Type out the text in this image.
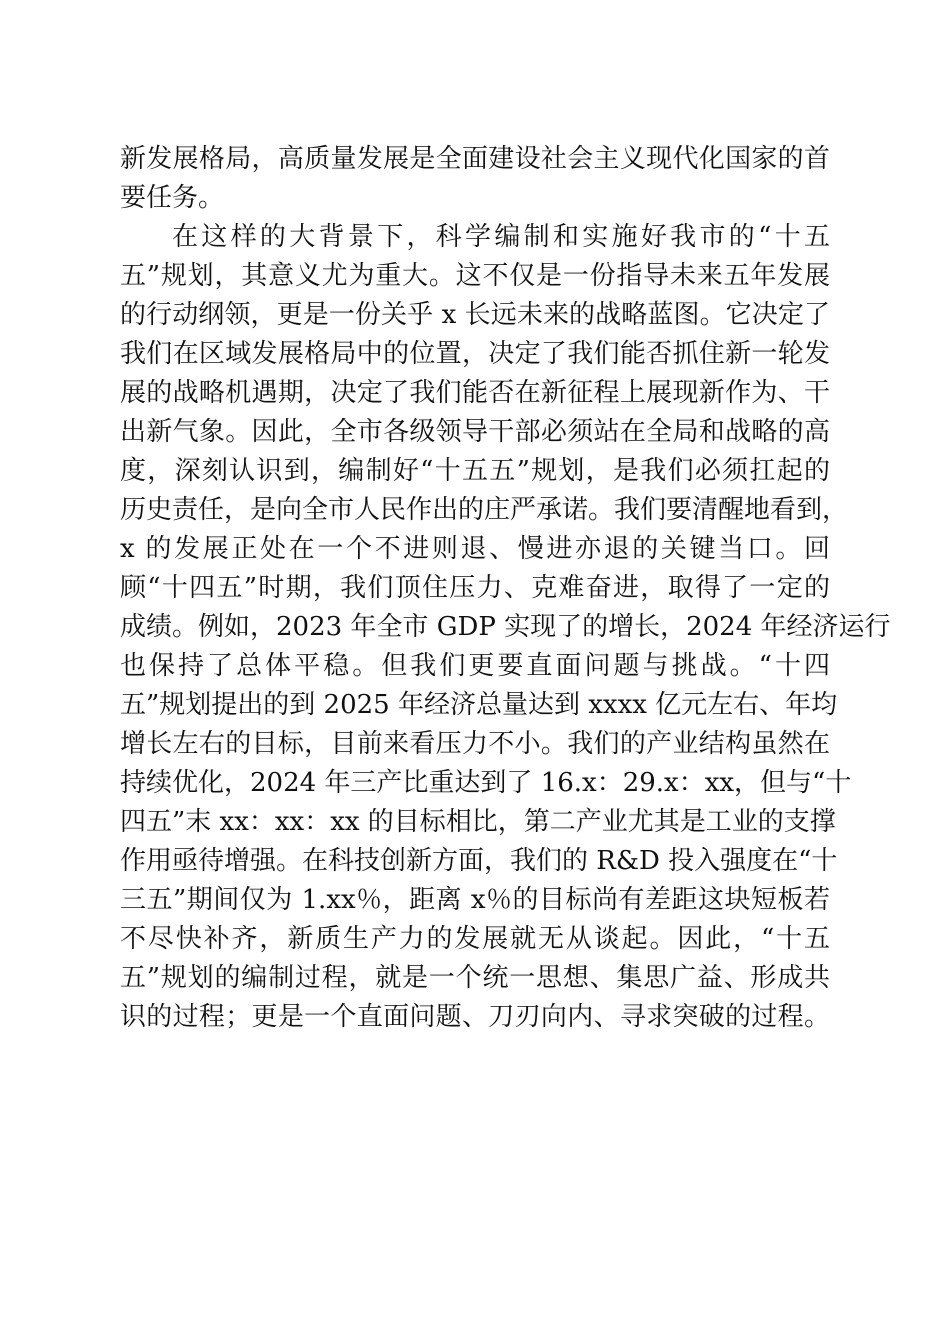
新发展格局，高质量发展是全面建设社会主义现代化国家的首
要任务。
在这样的大背景下，科学编制和实施好我市的“十五
五”规划，其意义尤为重大。这不仅是一份指导未来五年发展
的行动纲领，更是一份关乎 x 长远未来的战略蓝图。它决定了
我们在区域发展格局中的位置，决定了我们能否抓住新一轮发
展的战略机遇期，决定了我们能否在新征程上展现新作为、干
出新气象。因此，全市各级领导干部必须站在全局和战略的高
度，深刻认识到，编制好“十五五”规划，是我们必须扛起的
历史责任，是向全市人民作出的庄严承诺。我们要清醒地看到，
x 的发展正处在一个不进则退、慢进亦退的关键当口。回
顾“十四五”时期，我们顶住压力、克难奋进，取得了一定的
成绩。例如，2023 年全市 GDP 实现了的增长，2024 年经济运行
也保持了总体平稳。但我们更要直面问题与挑战。“十四
五”规划提出的到 2025 年经济总量达到 xxxx 亿元左右、年均
增长左右的目标，目前来看压力不小。我们的产业结构虽然在
持续优化，2024 年三产比重达到了 16.x：29.x：xx，但与“十
四五”末 xx：xx：xx 的目标相比，第二产业尤其是工业的支撑
作用亟待增强。在科技创新方面，我们的 R&D 投入强度在“十
三五”期间仅为 1.xx％，距离 x％的目标尚有差距这块短板若
不尽快补齐，新质生产力的发展就无从谈起。因此，“十五
五”规划的编制过程，就是一个统一思想、集思广益、形成共
识的过程；更是一个直面问题、刀刃向内、寻求突破的过程。
